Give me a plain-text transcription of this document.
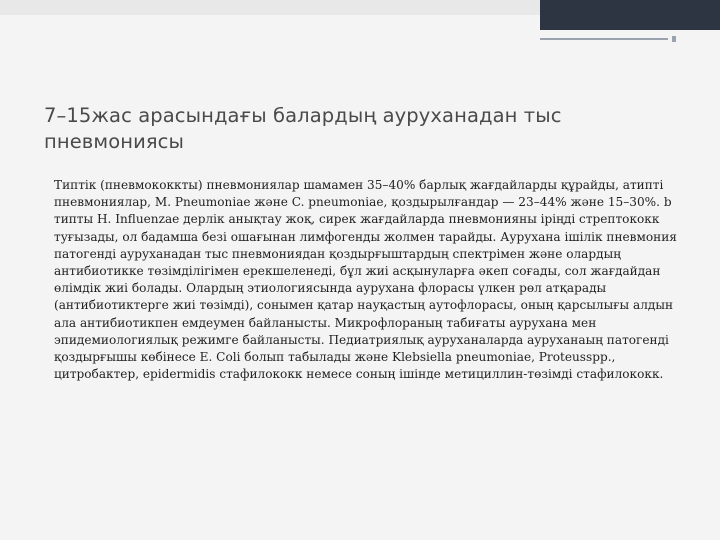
7–15жас арасындағы балардың ауруханадан тыс пневмониясы

Типтік (пневмококкты) пневмониялар шамамен 35–40% барлық жағдайларды құрайды, атипті пневмониялар, M. Pneumoniae және C. pneumoniae, қоздырылғандар — 23–44% және 15–30%. b типты H. Influenzae дерлік анықтау жоқ, сирек жағдайларда пневмонияны іріңді стрептококк туғызады, ол бадамша безі ошағынан лимфогенды жолмен тарайды. Аурухана ішілік пневмония патогенді ауруханадан тыс пневмониядан қоздырғыштардың спектрімен және олардың антибиотикке төзімділігімен ерекшеленеді, бұл жиі асқынуларға әкеп соғады, сол жағдайдан өлімдік жиі болады. Олардың этиологиясында аурухана флорасы үлкен рөл атқарады (антибиотиктерге жиі төзімді), сонымен қатар науқастың аутофлорасы, оның қарсылығы алдын ала антибиотикпен емдеумен байланысты. Микрофлораның табиғаты аурухана мен эпидемиологиялық режимге байланысты. Педиатриялық ауруханаларда ауруханаың патогенді қоздырғышы көбінесе E. Coli болып табылады және Klebsiella pneumoniae, Proteusspp., цитробактер, epidermidis стафилококк немесе соның ішінде метициллин-төзімді стафилококк.
